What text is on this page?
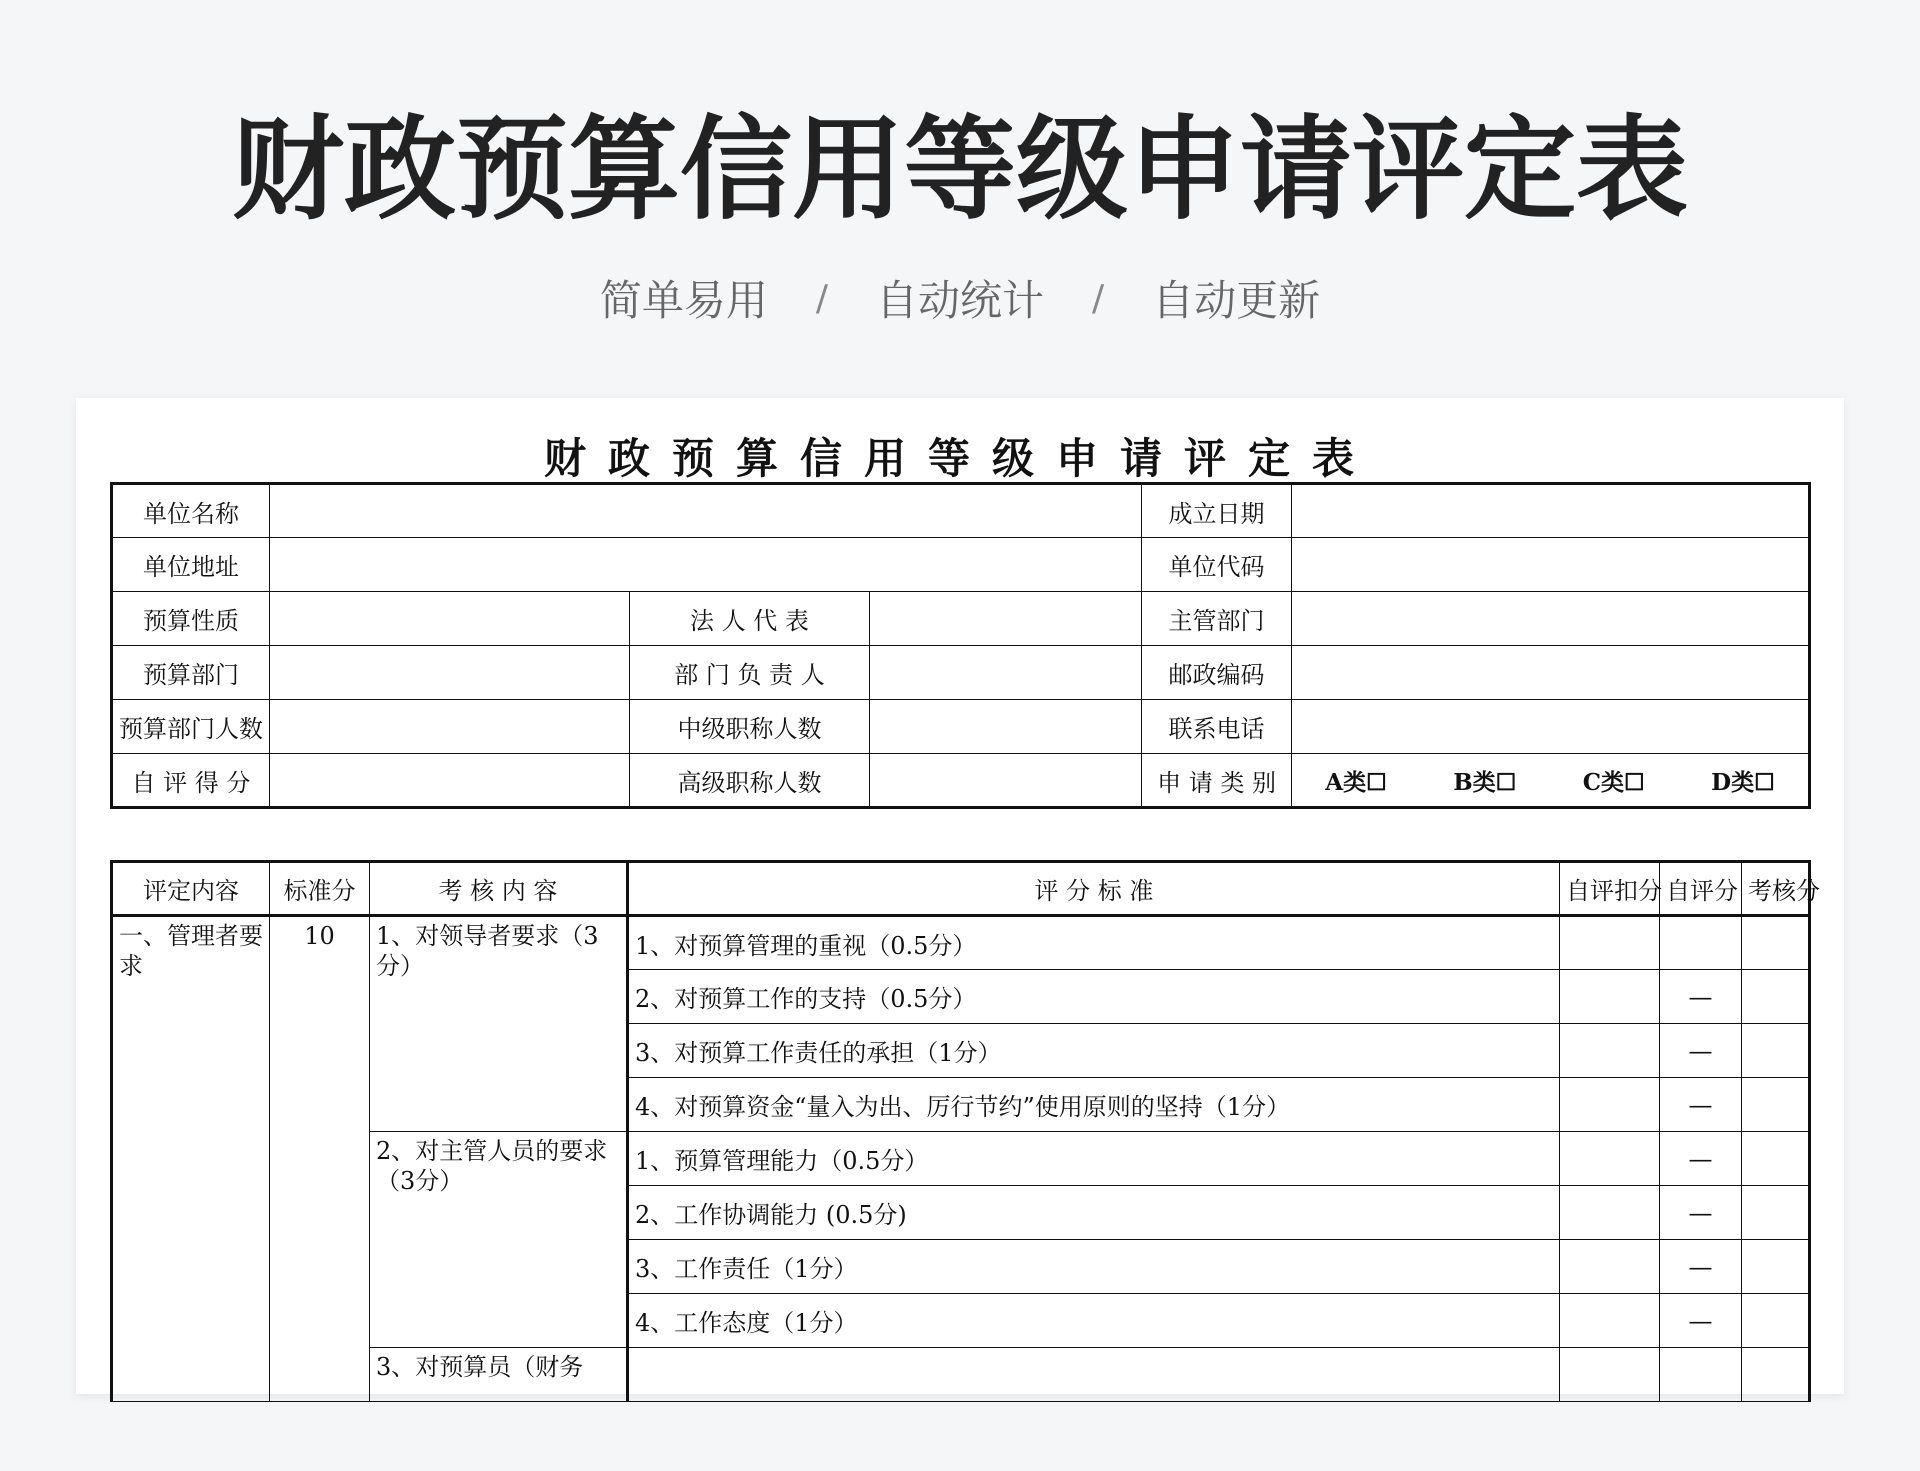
财政预算信用等级申请评定表
简单易用 / 自动统计 / 自动更新
财政预算信用等级申请评定表
单位名称				成立日期	
单位地址				单位代码	
预算性质		法 人 代 表		主管部门	
预算部门		部 门 负 责 人		邮政编码	
预算部门人数		中级职称人数		联系电话	
自 评 得 分		高级职称人数		申 请 类 别	A类☐ B类☐ C类☐ D类☐
评定内容	标准分	考 核 内 容	评 分 标 准	自评扣分	自评分	考核分
一、管理者要求	10	1、对领导者要求（3分）	1、对预算管理的重视（0.5分）			
			2、对预算工作的支持（0.5分）		—	
			3、对预算工作责任的承担（1分）		—	
			4、对预算资金“量入为出、厉行节约”使用原则的坚持（1分）		—	
		2、对主管人员的要求（3分）	1、预算管理能力（0.5分）		—	
			2、工作协调能力 (0.5分)		—	
			3、工作责任（1分）		—	
			4、工作态度（1分）		—	
		3、对预算员（财务				
